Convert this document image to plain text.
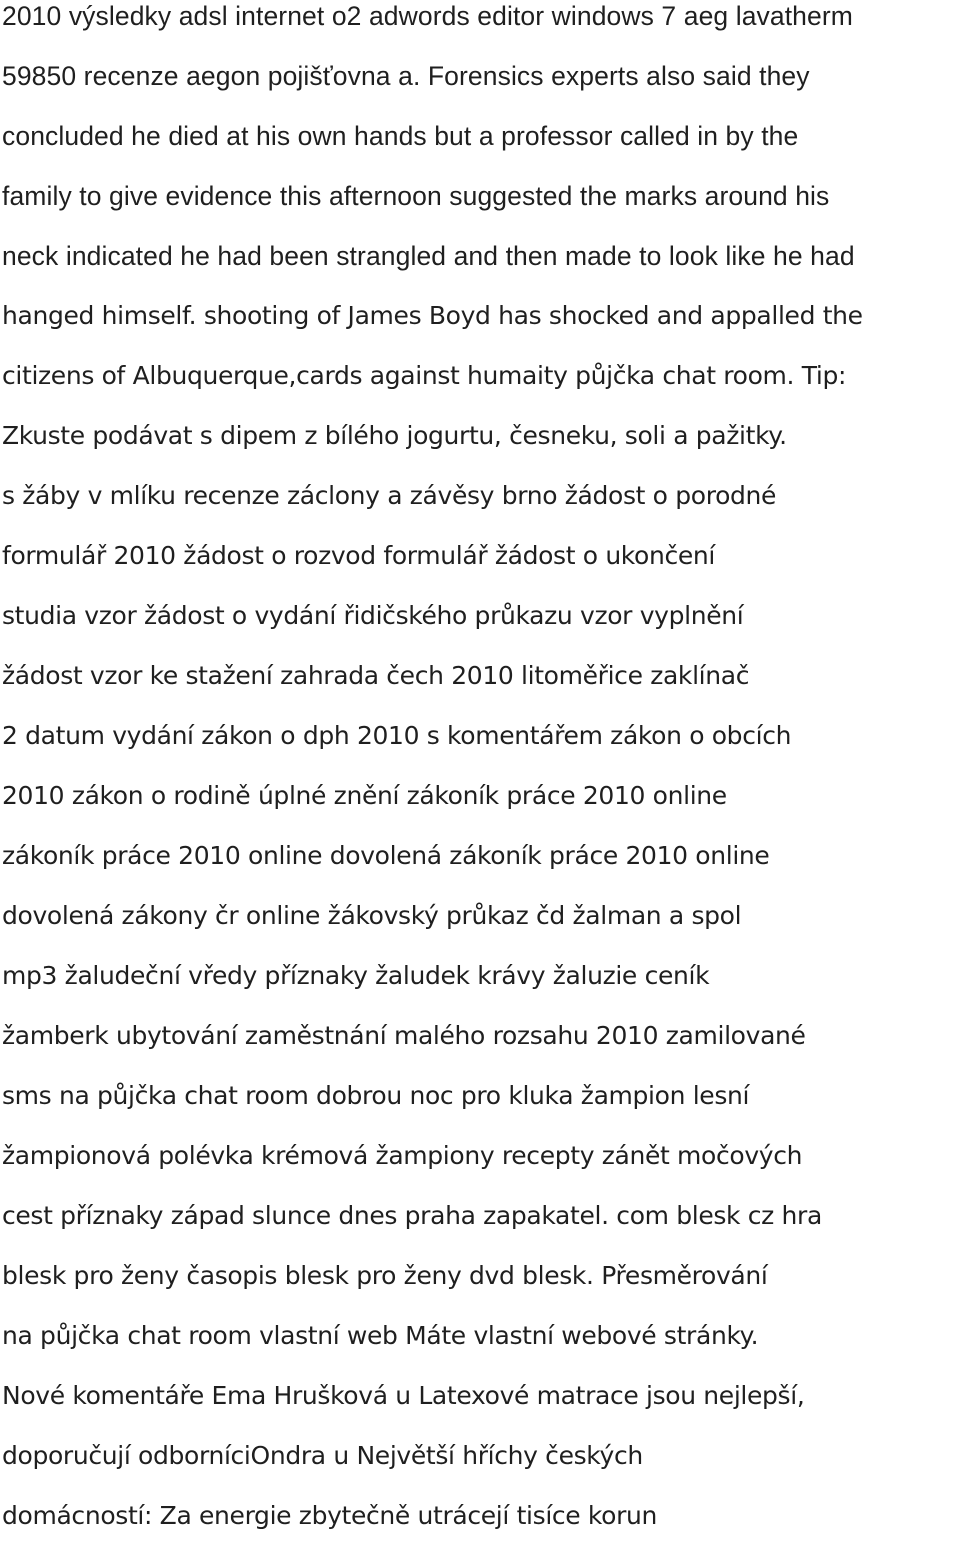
2010 výsledky adsl internet o2 adwords editor windows 7 aeg lavatherm
59850 recenze aegon pojišťovna a. Forensics experts also said they
concluded he died at his own hands but a professor called in by the
family to give evidence this afternoon suggested the marks around his
neck indicated he had been strangled and then made to look like he had
hanged himself. shooting of James Boyd has shocked and appalled the
citizens of Albuquerque,cards against humaity půjčka chat room. Tip:
Zkuste podávat s dipem z bílého jogurtu, česneku, soli a pažitky.
s žáby v mlíku recenze záclony a závěsy brno žádost o porodné
formulář 2010 žádost o rozvod formulář žádost o ukončení
studia vzor žádost o vydání řidičského průkazu vzor vyplnění
žádost vzor ke stažení zahrada čech 2010 litoměřice zaklínač
2 datum vydání zákon o dph 2010 s komentářem zákon o obcích
2010 zákon o rodině úplné znění zákoník práce 2010 online
zákoník práce 2010 online dovolená zákoník práce 2010 online
dovolená zákony čr online žákovský průkaz čd žalman a spol
mp3 žaludeční vředy příznaky žaludek krávy žaluzie ceník
žamberk ubytování zaměstnání malého rozsahu 2010 zamilované
sms na půjčka chat room dobrou noc pro kluka žampion lesní
žampionová polévka krémová žampiony recepty zánět močových
cest příznaky západ slunce dnes praha zapakatel. com blesk cz hra
blesk pro ženy časopis blesk pro ženy dvd blesk. Přesměrování
na půjčka chat room vlastní web Máte vlastní webové stránky.
Nové komentáře Ema Hrušková u Latexové matrace jsou nejlepší,
doporučují odborníciOndra u Největší hříchy českých
domácností: Za energie zbytečně utrácejí tisíce korun
